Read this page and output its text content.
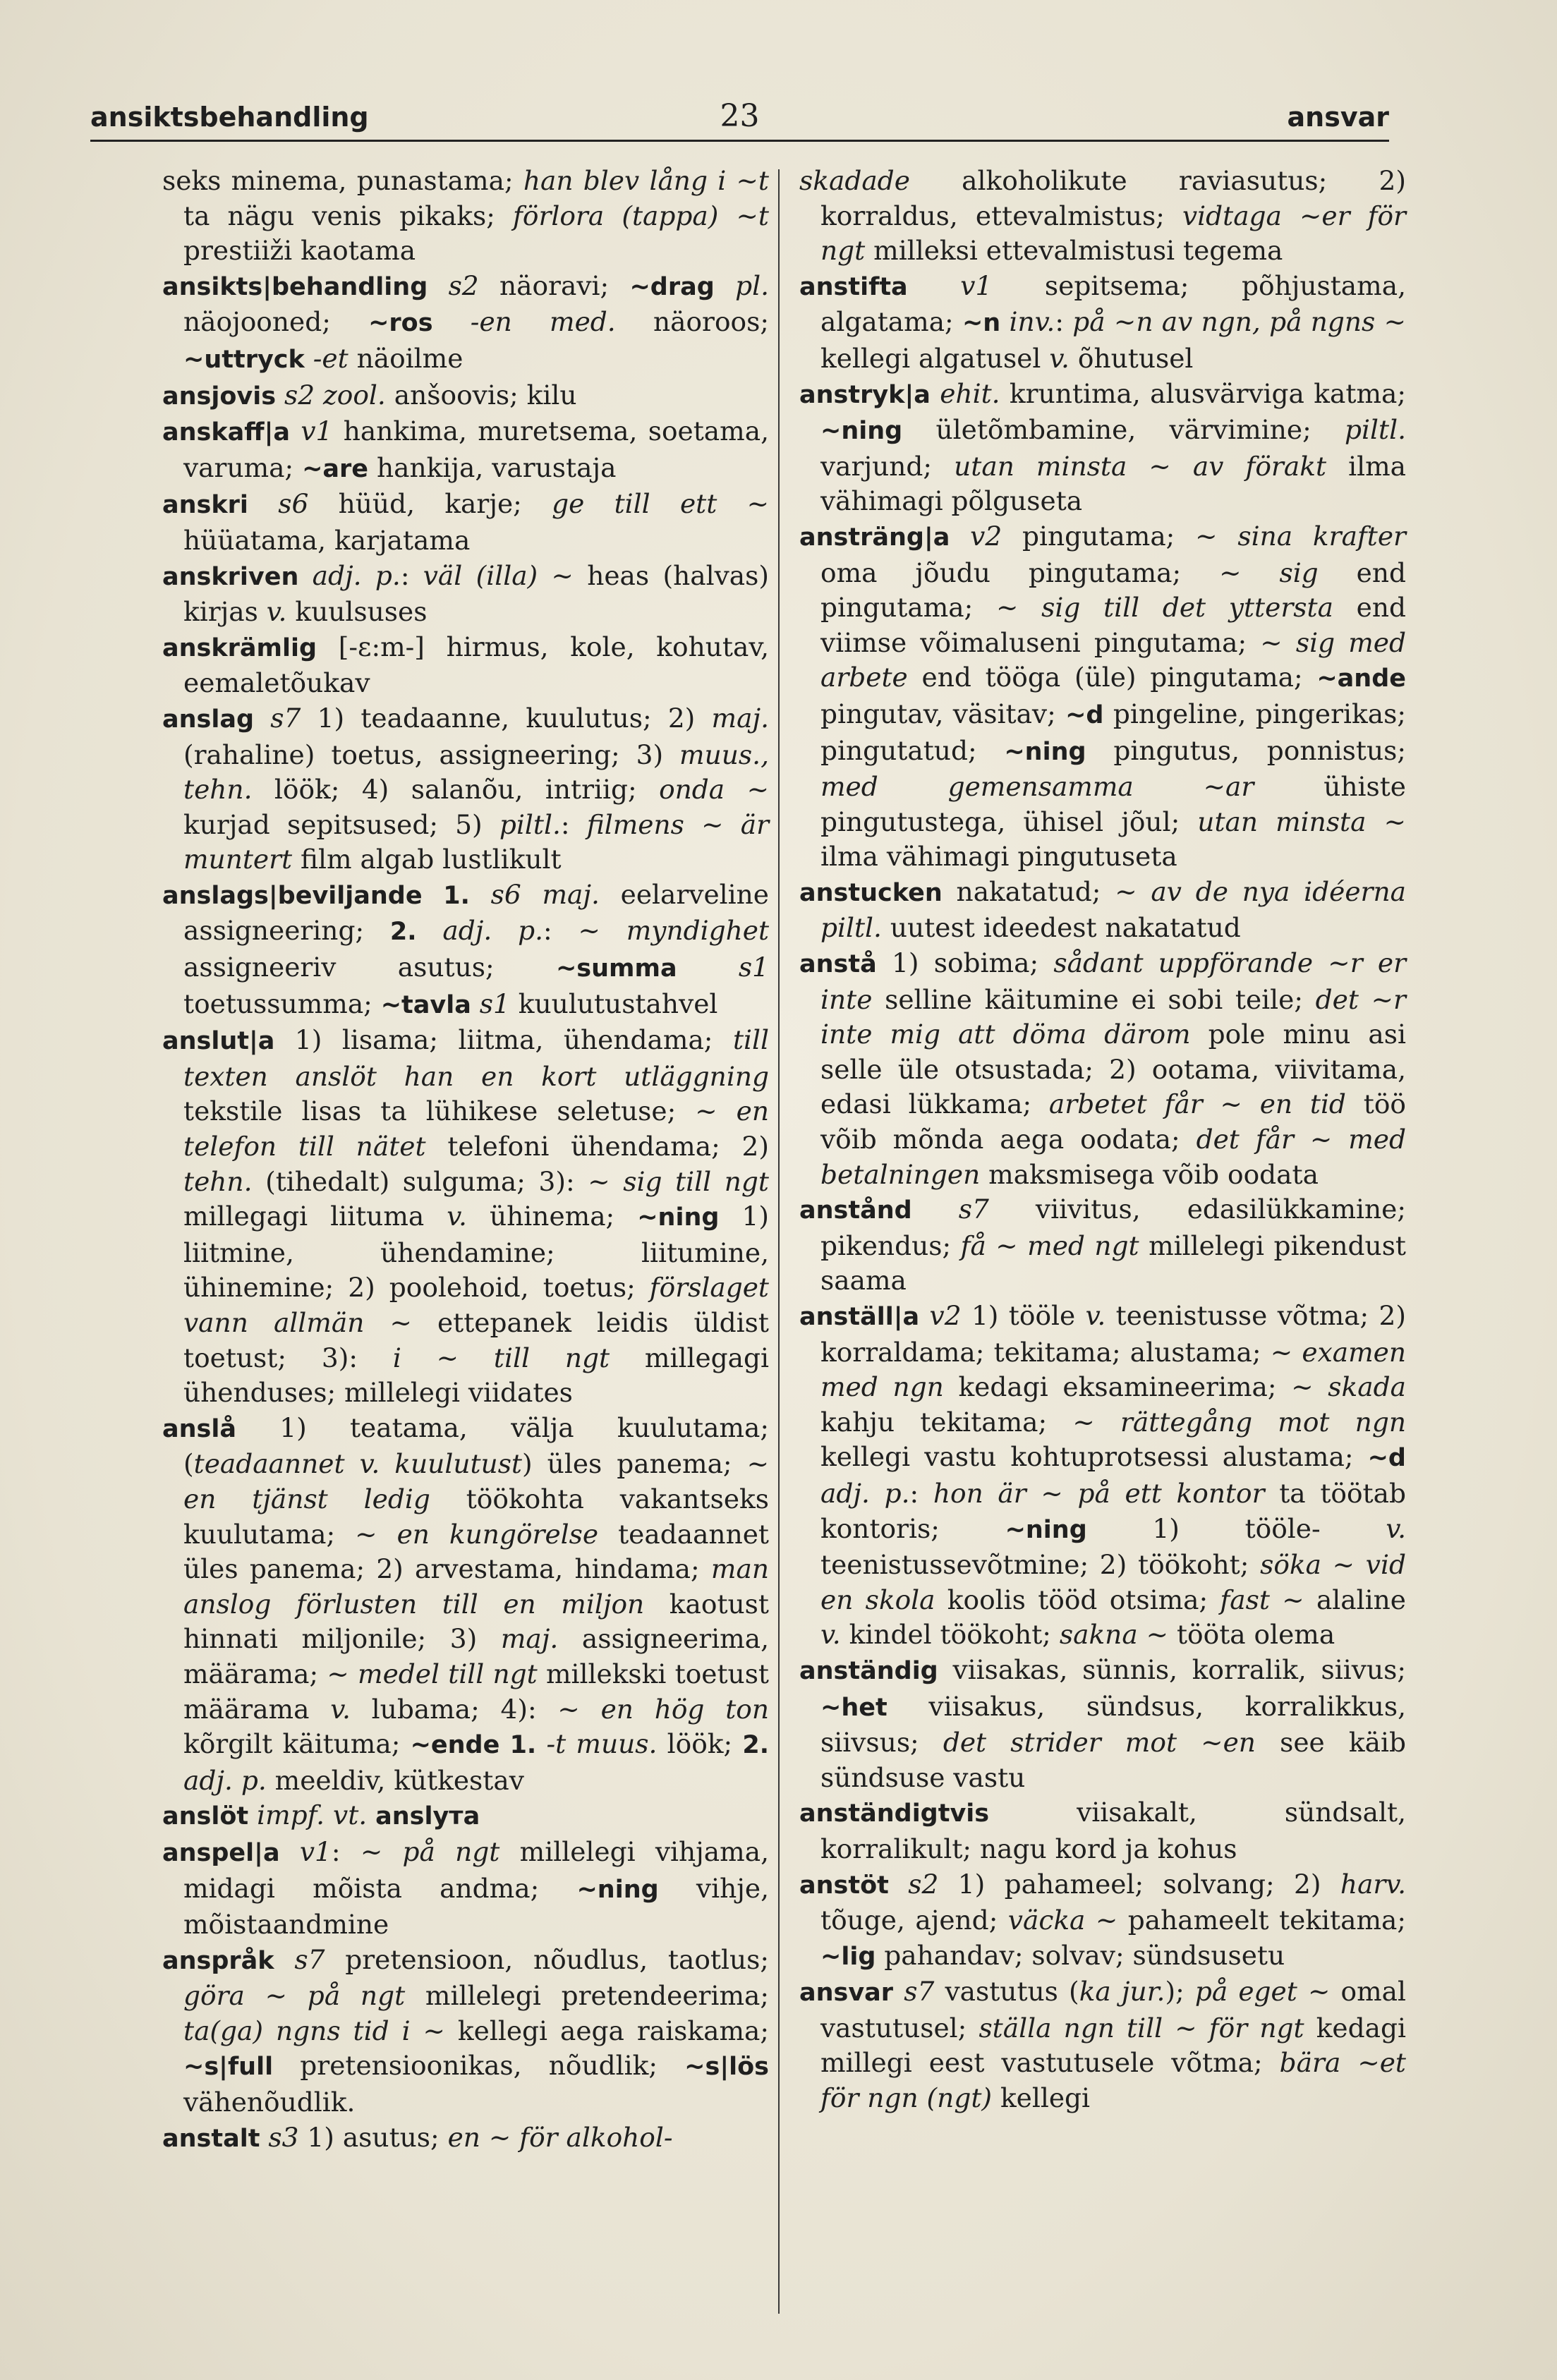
ansiktsbehandling	23	ansvar

seks minema, punastama; han blev lång i ~t ta nägu venis pikaks; förlora (tappa) ~t prestiiži kaotama

ansikts|behandling s2 näoravi; ~drag pl. näojooned; ~ros -en med. näoroos; ~uttryck -et näoilme

ansjovis s2 zool. anšoovis; kilu

anskaff|a v1 hankima, muretsema, soetama, varuma; ~are hankija, varustaja

anskri s6 hüüd, karje; ge till ett ~ hüüatama, karjatama

anskriven adj. p.: väl (illa) ~ heas (halvas) kirjas v. kuulsuses

anskrämlig [-ɛ:m-] hirmus, kole, kohutav, eemaletõukav

anslag s7 1) teadaanne, kuulutus; 2) maj. (rahaline) toetus, assigneering; 3) muus., tehn. löök; 4) salanõu, intriig; onda ~ kurjad sepitsused; 5) piltl.: filmens ~ är muntert film algab lustlikult

anslags|beviljande 1. s6 maj. eelarveline assigneering; 2. adj. p.: ~ myndighet assigneeriv asutus; ~summa s1 toetussumma; ~tavla s1 kuulutustahvel

anslut|a 1) lisama; liitma, ühendama; till texten anslöt han en kort utläggning tekstile lisas ta lühikese seletuse; ~ en telefon till nätet telefoni ühendama; 2) tehn. (tihedalt) sulguma; 3): ~ sig till ngt millegagi liituma v. ühinema; ~ning 1) liitmine, ühendamine; liitumine, ühinemine; 2) poolehoid, toetus; förslaget vann allmän ~ ettepanek leidis üldist toetust; 3): i ~ till ngt millegagi ühenduses; millelegi viidates

anslå 1) teatama, välja kuulutama; (teadaannet v. kuulutust) üles panema; ~ en tjänst ledig töökohta vakantseks kuulutama; ~ en kungörelse teadaannet üles panema; 2) arvestama, hindama; man anslog förlusten till en miljon kaotust hinnati miljonile; 3) maj. assigneerima, määrama; ~ medel till ngt millekski toetust määrama v. lubama; 4): ~ en hög ton kõrgilt käituma; ~ende 1. -t muus. löök; 2. adj. p. meeldiv, kütkestav

anslöt impf. vt. anslута

anspel|a v1: ~ på ngt millelegi vihjama, midagi mõista andma; ~ning vihje, mõistaandmine

anspråk s7 pretensioon, nõudlus, taotlus; göra ~ på ngt millelegi pretendeerima; ta(ga) ngns tid i ~ kellegi aega raiskama; ~s|full pretensioonikas, nõudlik; ~s|lös vähenõudlik.

anstalt s3 1) asutus; en ~ för alkohol-

skadade alkoholikute raviasutus; 2) korraldus, ettevalmistus; vidtaga ~er för ngt milleksi ettevalmistusi tegema

anstifta v1 sepitsema; põhjustama, algatama; ~n inv.: på ~n av ngn, på ngns ~ kellegi algatusel v. õhutusel

anstryk|a ehit. kruntima, alusvärviga katma; ~ning ületõmbamine, värvimine; piltl. varjund; utan minsta ~ av förakt ilma vähimagi põlguseta

ansträng|a v2 pingutama; ~ sina krafter oma jõudu pingutama; ~ sig end pingutama; ~ sig till det yttersta end viimse võimaluseni pingutama; ~ sig med arbete end tööga (üle) pingutama; ~ande pingutav, väsitav; ~d pingeline, pingerikas; pingutatud; ~ning pingutus, ponnistus; med gemensamma ~ar ühiste pingutustega, ühisel jõul; utan minsta ~ ilma vähimagi pingutuseta

anstucken nakatatud; ~ av de nya idéerna piltl. uutest ideedest nakatatud

anstå 1) sobima; sådant uppförande ~r er inte selline käitumine ei sobi teile; det ~r inte mig att döma därom pole minu asi selle üle otsustada; 2) ootama, viivitama, edasi lükkama; arbetet får ~ en tid töö võib mõnda aega oodata; det får ~ med betalningen maksmisega võib oodata

anstånd s7 viivitus, edasilükkamine; pikendus; få ~ med ngt millelegi pikendust saama

anställ|a v2 1) tööle v. teenistusse võtma; 2) korraldama; tekitama; alustama; ~ examen med ngn kedagi eksamineerima; ~ skada kahju tekitama; ~ rättegång mot ngn kellegi vastu kohtuprotsessi alustama; ~d adj. p.: hon är ~ på ett kontor ta töötab kontoris; ~ning 1) tööle- v. teenistussevõtmine; 2) töökoht; söka ~ vid en skola koolis tööd otsima; fast ~ alaline v. kindel töökoht; sakna ~ tööta olema

anständig viisakas, sünnis, korralik, siivus; ~het viisakus, sündsus, korralikkus, siivsus; det strider mot ~en see käib sündsuse vastu

anständigtvis viisakalt, sündsalt, korralikult; nagu kord ja kohus

anstöt s2 1) pahameel; solvang; 2) harv. tõuge, ajend; väcka ~ pahameelt tekitama; ~lig pahandav; solvav; sündsusetu

ansvar s7 vastutus (ka jur.); på eget ~ omal vastutusel; ställa ngn till ~ för ngt kedagi millegi eest vastutusele võtma; bära ~et för ngn (ngt) kellegi
